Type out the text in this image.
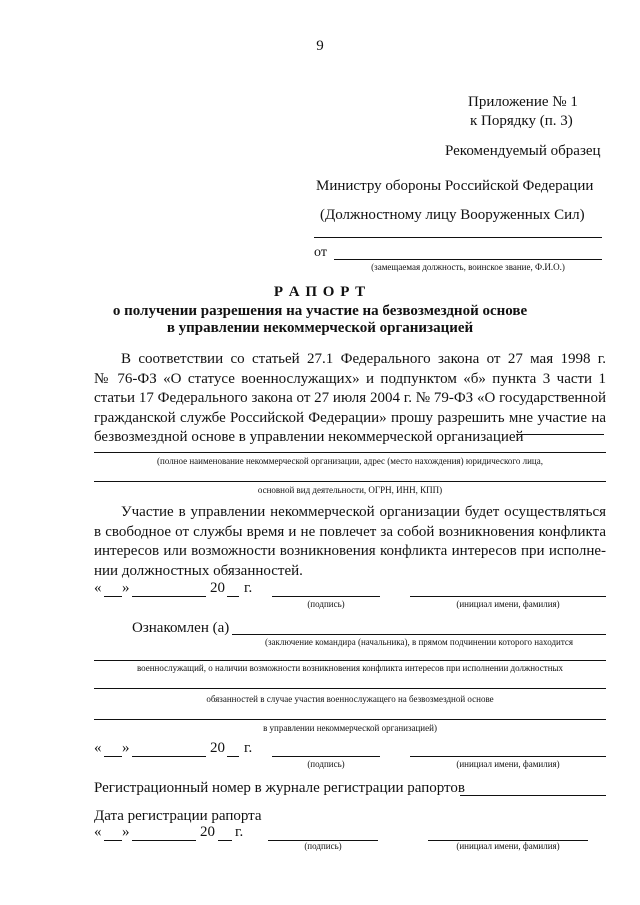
9
Приложение № 1
к Порядку (п. 3)
Рекомендуемый образец
Министру обороны Российской Федерации
(Должностному лицу Вооруженных Сил)
от
(замещаемая должность, воинское звание, Ф.И.О.)
Р А П О Р Т
о получении разрешения на участие на безвозмездной основе
в управлении некоммерческой организацией
В соответствии со статьей 27.1 Федерального закона от 27 мая 1998 г.
№ 76-ФЗ «О статусе военнослужащих» и подпунктом «б» пункта 3 части 1
статьи 17 Федерального закона от 27 июля 2004 г. № 79-ФЗ «О государственной
гражданской службе Российской Федерации» прошу разрешить мне участие на
безвозмездной основе в управлении некоммерческой организацией
(полное наименование некоммерческой организации, адрес (место нахождения) юридического лица,
основной вид деятельности, ОГРН, ИНН, КПП)
Участие в управлении некоммерческой организации будет осуществляться
в свободное от службы время и не повлечет за собой возникновения конфликта
интересов или возможности возникновения конфликта интересов при исполне-
нии должностных обязанностей.
« »	20 г.
(подпись)	(инициал имени, фамилия)
Ознакомлен (а)
(заключение командира (начальника), в прямом подчинении которого находится
военнослужащий, о наличии возможности возникновения конфликта интересов при исполнении должностных
обязанностей в случае участия военнослужащего на безвозмездной основе
в управлении некоммерческой организацией)
« »	20 г.
(подпись)	(инициал имени, фамилия)
Регистрационный номер в журнале регистрации рапортов
Дата регистрации рапорта
« »	20 г.
(подпись)	(инициал имени, фамилия)
